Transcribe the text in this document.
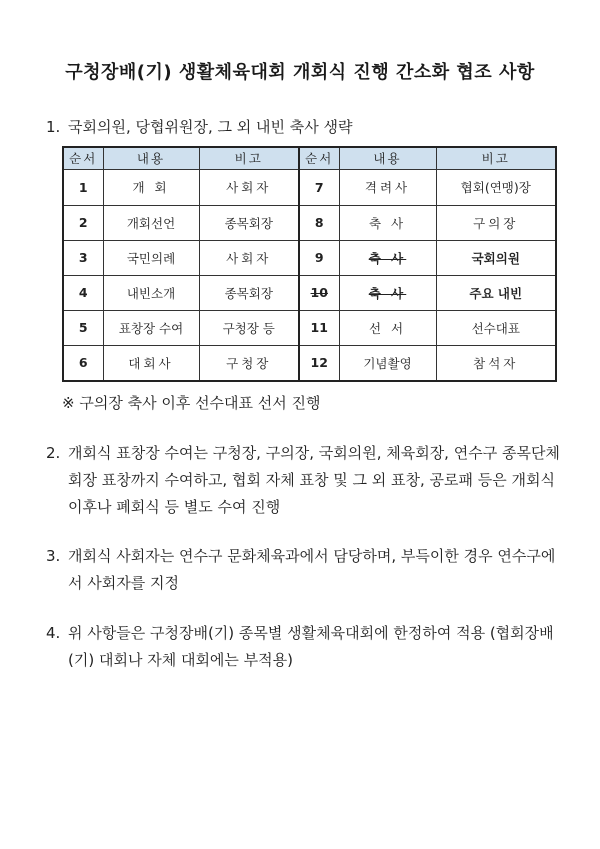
구청장배(기) 생활체육대회 개회식 진행 간소화 협조 사항
1. 국회의원, 당협위원장, 그 외 내빈 축사 생략
순서	내용	비고	순서	내용	비고
1	개 회	사회자	7	격려사	협회(연맹)장
2	개회선언	종목회장	8	축 사	구의장
3	국민의례	사회자	9	축 사	국회의원
4	내빈소개	종목회장	10	축 사	주요 내빈
5	표창장 수여	구청장 등	11	선 서	선수대표
6	대회사	구청장	12	기념촬영	참석자
※ 구의장 축사 이후 선수대표 선서 진행
2. 개회식 표창장 수여는 구청장, 구의장, 국회의원, 체육회장, 연수구 종목단체회장 표창까지 수여하고, 협회 자체 표창 및 그 외 표창, 공로패 등은 개회식 이후나 폐회식 등 별도 수여 진행
3. 개회식 사회자는 연수구 문화체육과에서 담당하며, 부득이한 경우 연수구에서 사회자를 지정
4. 위 사항들은 구청장배(기) 종목별 생활체육대회에 한정하여 적용 (협회장배(기) 대회나 자체 대회에는 부적용)
